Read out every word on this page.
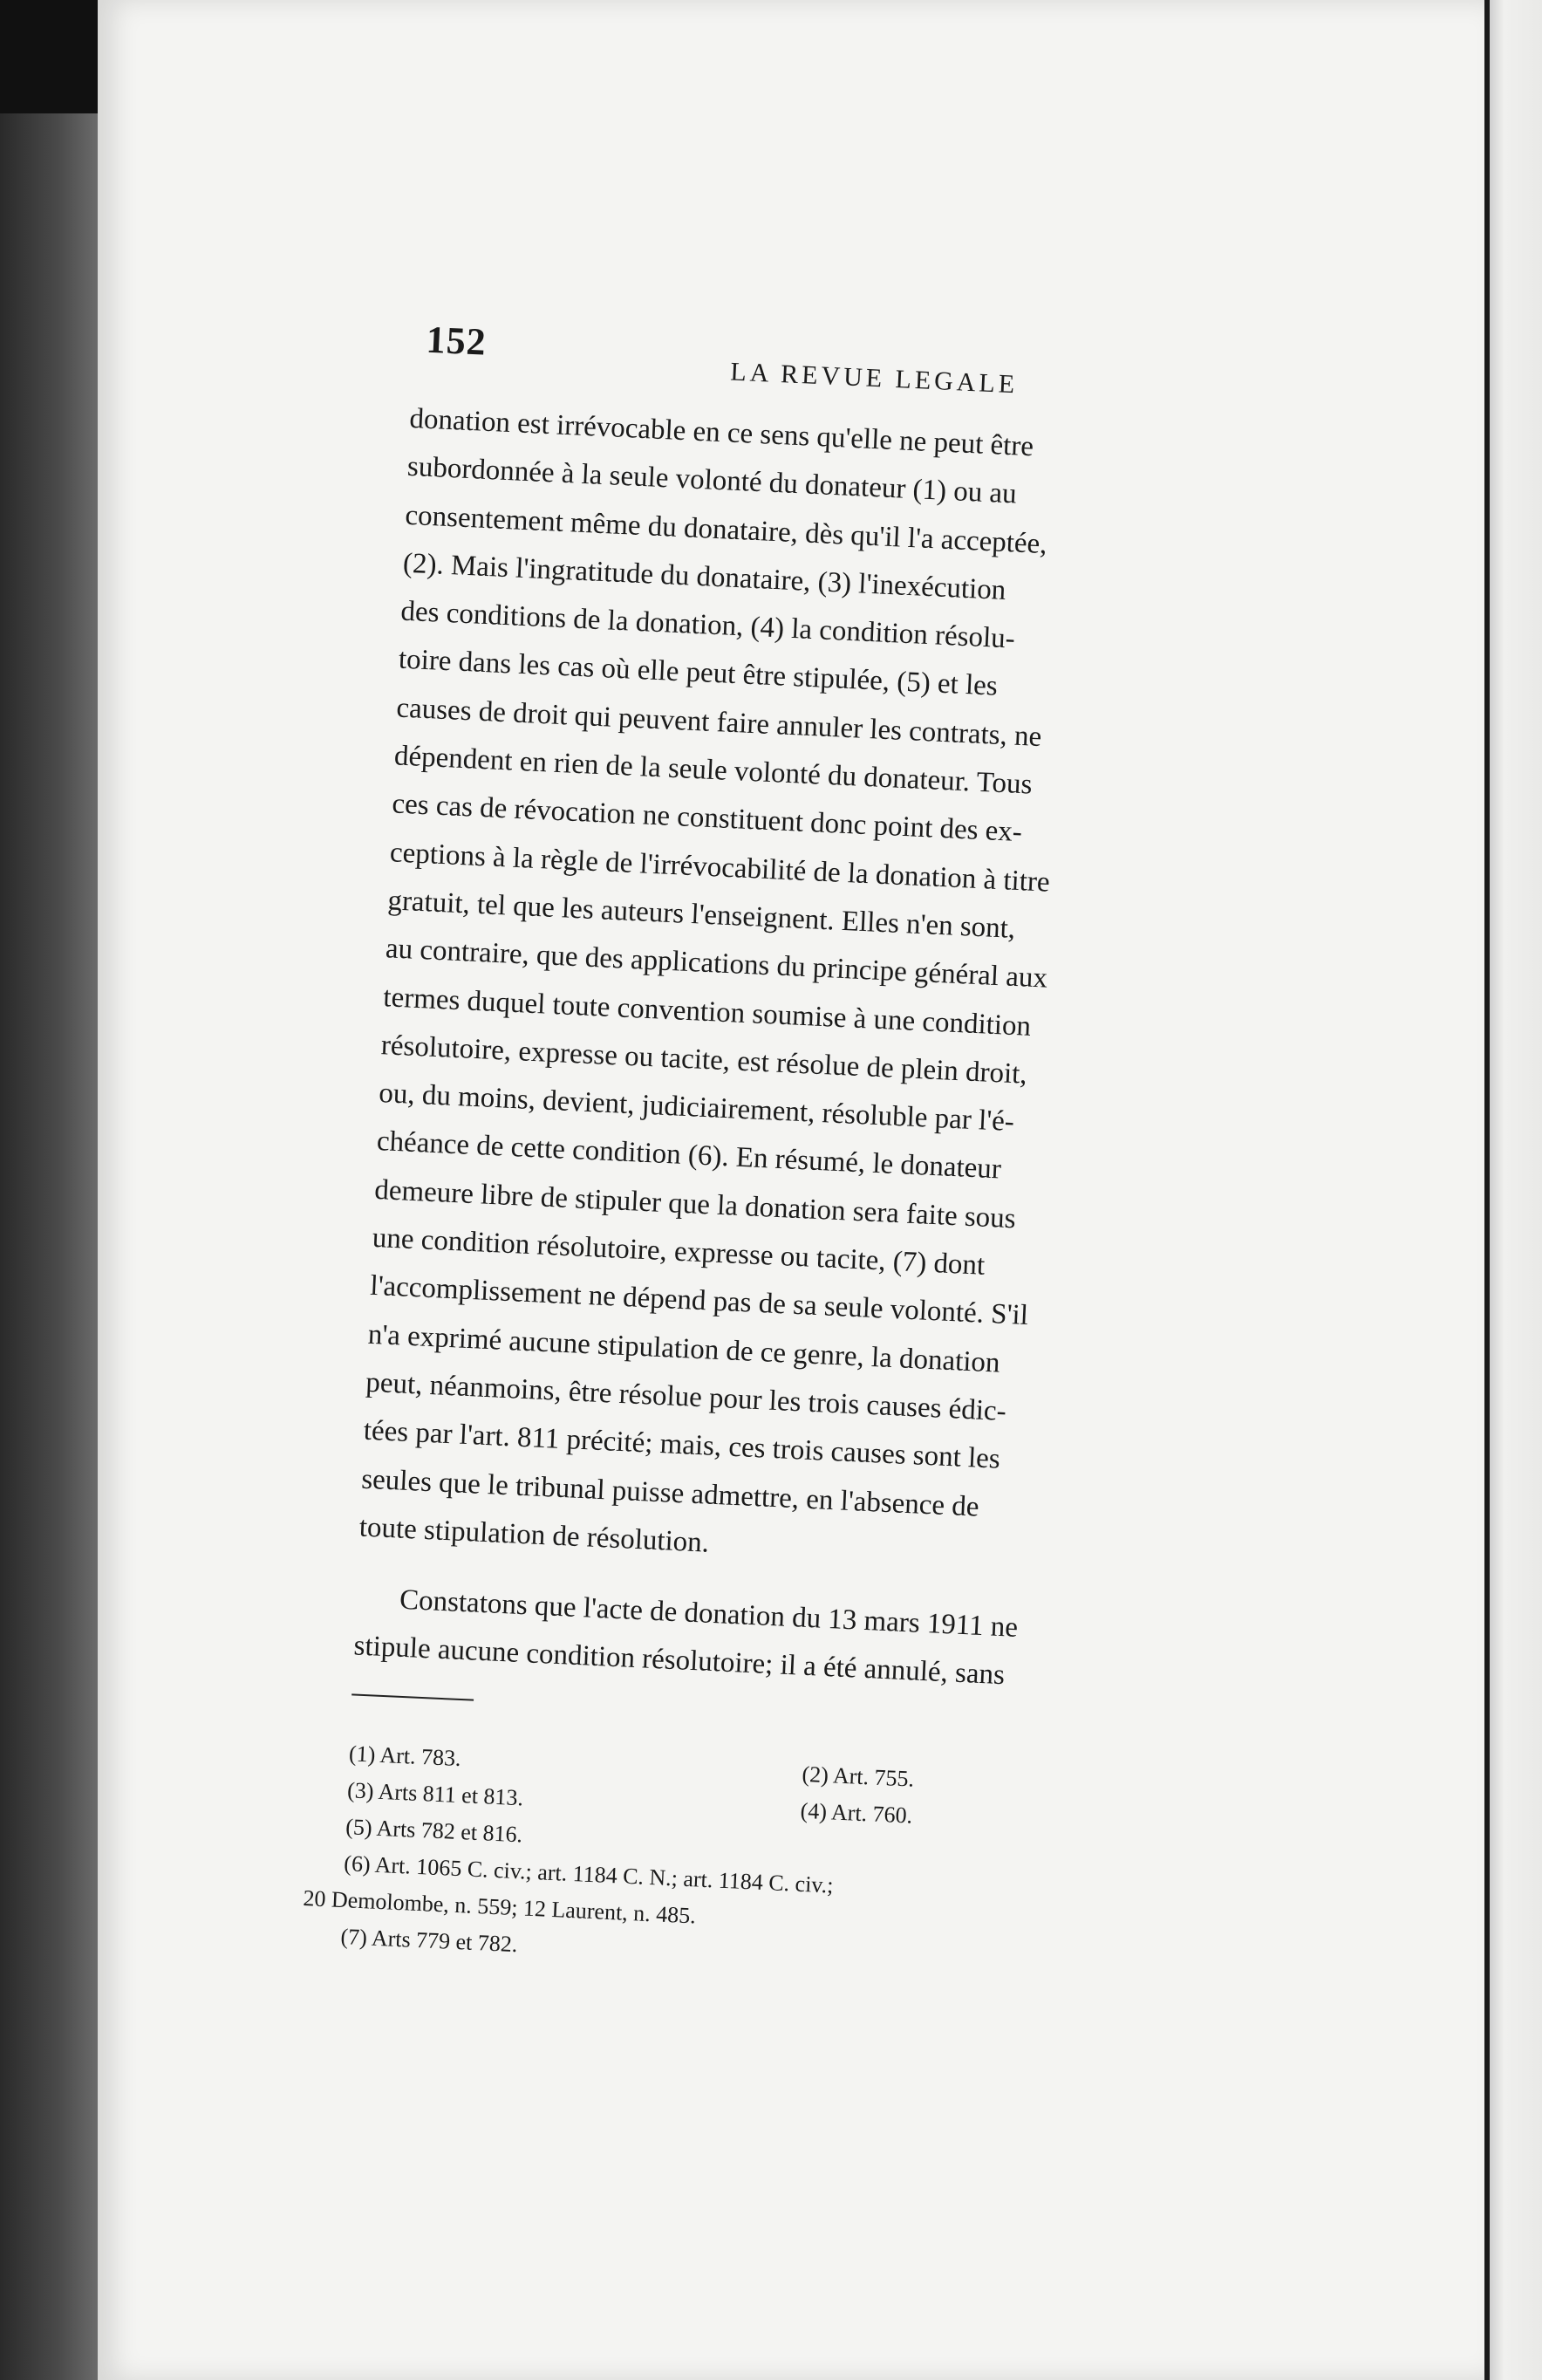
152
LA REVUE LEGALE
donation est irrévocable en ce sens qu'elle ne peut être
subordonnée à la seule volonté du donateur (1) ou au
consentement même du donataire, dès qu'il l'a acceptée,
(2). Mais l'ingratitude du donataire, (3) l'inexécution
des conditions de la donation, (4) la condition résolu-
toire dans les cas où elle peut être stipulée, (5) et les
causes de droit qui peuvent faire annuler les contrats, ne
dépendent en rien de la seule volonté du donateur. Tous
ces cas de révocation ne constituent donc point des ex-
ceptions à la règle de l'irrévocabilité de la donation à titre
gratuit, tel que les auteurs l'enseignent. Elles n'en sont,
au contraire, que des applications du principe général aux
termes duquel toute convention soumise à une condition
résolutoire, expresse ou tacite, est résolue de plein droit,
ou, du moins, devient, judiciairement, résoluble par l'é-
chéance de cette condition (6). En résumé, le donateur
demeure libre de stipuler que la donation sera faite sous
une condition résolutoire, expresse ou tacite, (7) dont
l'accomplissement ne dépend pas de sa seule volonté. S'il
n'a exprimé aucune stipulation de ce genre, la donation
peut, néanmoins, être résolue pour les trois causes édic-
tées par l'art. 811 précité; mais, ces trois causes sont les
seules que le tribunal puisse admettre, en l'absence de
toute stipulation de résolution.
Constatons que l'acte de donation du 13 mars 1911 ne
stipule aucune condition résolutoire; il a été annulé, sans
(1) Art. 783.
(2) Art. 755.
(3) Arts 811 et 813.
(4) Art. 760.
(5) Arts 782 et 816.
(6) Art. 1065 C. civ.; art. 1184 C. N.; art. 1184 C. civ.;
20 Demolombe, n. 559; 12 Laurent, n. 485.
(7) Arts 779 et 782.
